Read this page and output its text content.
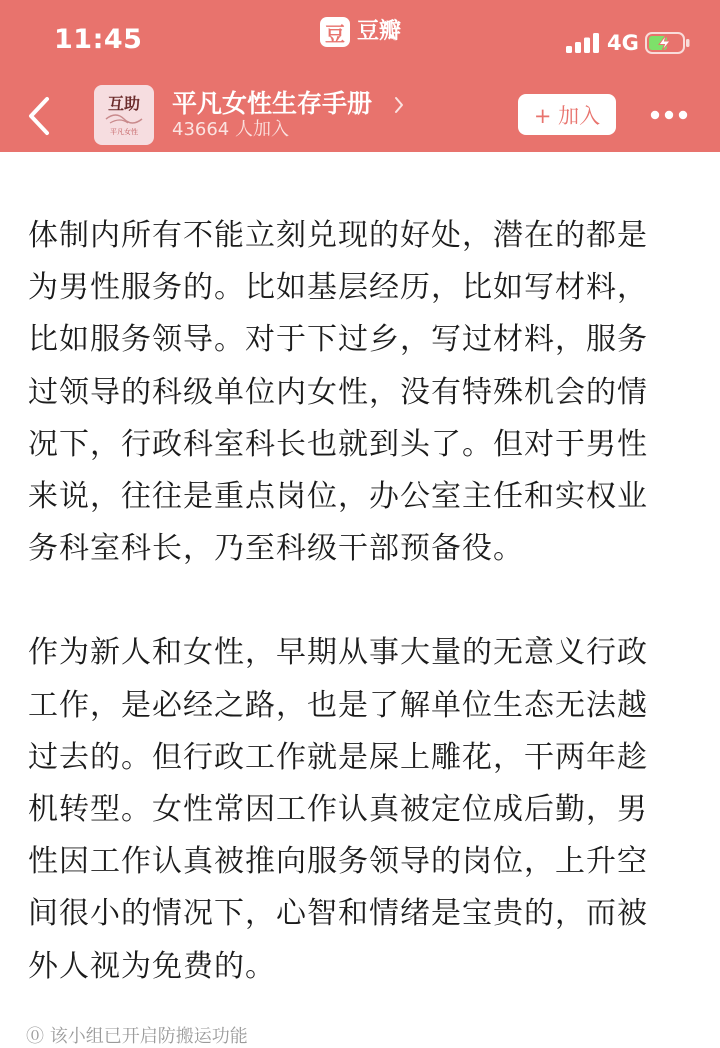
11:45	豆 豆瓣	4G
互助
平凡女性
平凡女性生存手册
43664 人加入
+ 加入

体制内所有不能立刻兑现的好处，潜在的都是
为男性服务的。比如基层经历，比如写材料，
比如服务领导。对于下过乡，写过材料，服务
过领导的科级单位内女性，没有特殊机会的情
况下，行政科室科长也就到头了。但对于男性
来说，往往是重点岗位，办公室主任和实权业
务科室科长，乃至科级干部预备役。

作为新人和女性，早期从事大量的无意义行政
工作，是必经之路，也是了解单位生态无法越
过去的。但行政工作就是屎上雕花，干两年趁
机转型。女性常因工作认真被定位成后勤，男
性因工作认真被推向服务领导的岗位，上升空
间很小的情况下，心智和情绪是宝贵的，而被
外人视为免费的。

⓪ 该小组已开启防搬运功能
